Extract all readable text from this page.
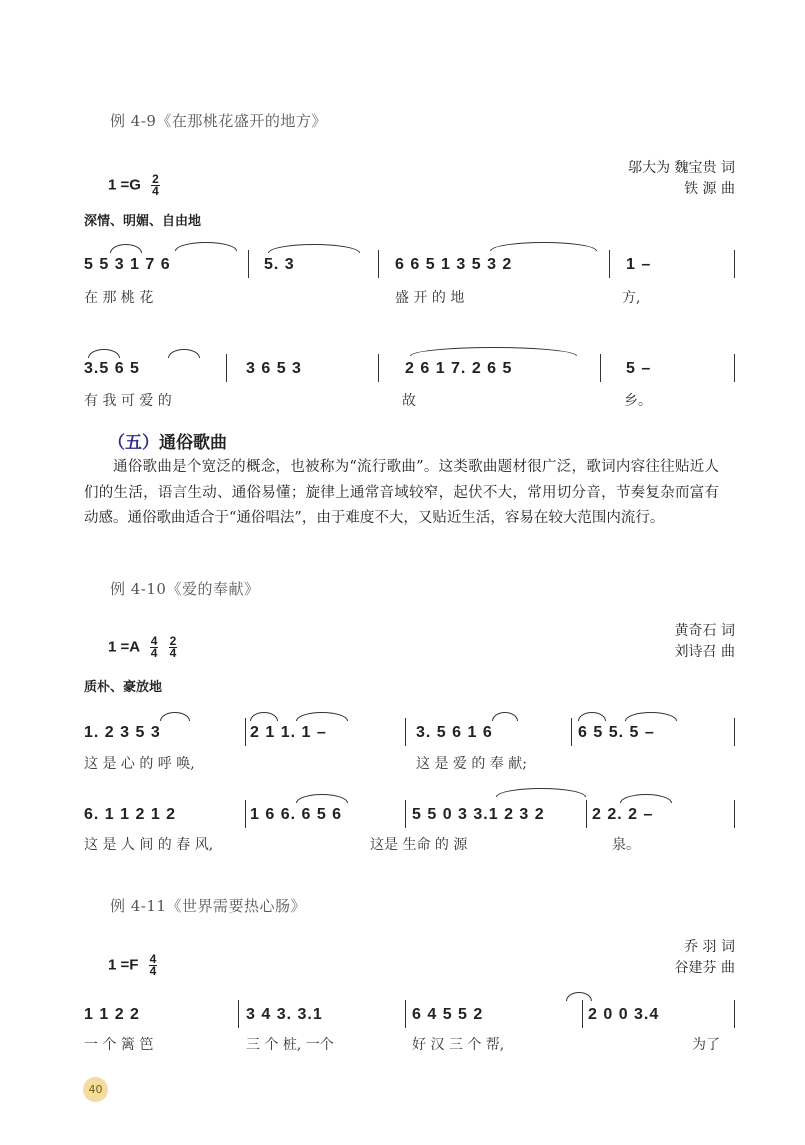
例 4-9《在那桃花盛开的地方》
邬大为 魏宝贵 词
铁 源 曲
$1 =G \frac{2}{4}$
深情、明媚、自由地
5 5 3 1 7 6	5. 3	6 6 5 1 3 5 3 2	1 –
在 那 桃 花	盛 开 的 地	方,
3.5 6 5	3 6 5 3	2 6 1 7. 2 6 5	5 –
有 我 可 爱 的	故	乡。
（五）通俗歌曲
通俗歌曲是个宽泛的概念，也被称为“流行歌曲”。这类歌曲题材很广泛，歌词内容往往贴近人们的生活，语言生动、通俗易懂；旋律上通常音域较窄，起伏不大，常用切分音，节奏复杂而富有动感。通俗歌曲适合于“通俗唱法”，由于难度不大，又贴近生活，容易在较大范围内流行。
例 4-10《爱的奉献》
黄奇石 词
刘诗召 曲
$1 =A \frac{4}{4}$
$\frac{2}{4}$
质朴、豪放地
1. 2 3 5 3	2 1 1. 1 –	3. 5 6 1 6	6 5 5. 5 –
这 是 心 的 呼 唤,	这 是 爱 的 奉 献;
6. 1 1 2 1 2	1 6 6. 6 5 6	5 5 0 3 3.1 2 3 2	2 2. 2 –
这 是 人 间 的 春 风,	这是 生命 的 源	泉。
例 4-11《世界需要热心肠》
乔 羽 词
谷建芬 曲
$1 =F \frac{4}{4}$
1 1 2 2	3 4 3. 3.1	6 4 5 5 2	2 0 0 3.4
一 个 篱 笆	三 个 桩, 一个	好 汉 三 个 帮,	为了
40
